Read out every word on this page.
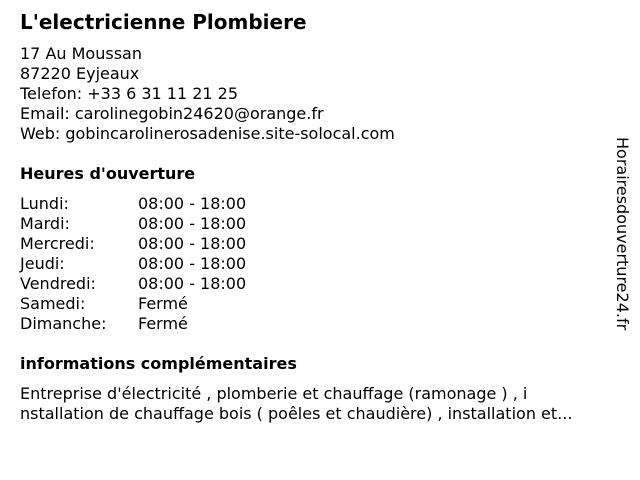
L'electricienne Plombiere
17 Au Moussan
87220 Eyjeaux
Telefon: +33 6 31 11 21 25
Email: carolinegobin24620@orange.fr
Web: gobincarolinerosadenise.site-solocal.com
Heures d'ouverture
Lundi:	08:00 - 18:00
Mardi:	08:00 - 18:00
Mercredi:	08:00 - 18:00
Jeudi:	08:00 - 18:00
Vendredi:	08:00 - 18:00
Samedi:	Fermé
Dimanche:	Fermé
informations complémentaires
Entreprise d'électricité , plomberie et chauffage (ramonage ) , i
nstallation de chauffage bois ( poêles et chaudière) , installation et...
Horairesdouverture24.fr
